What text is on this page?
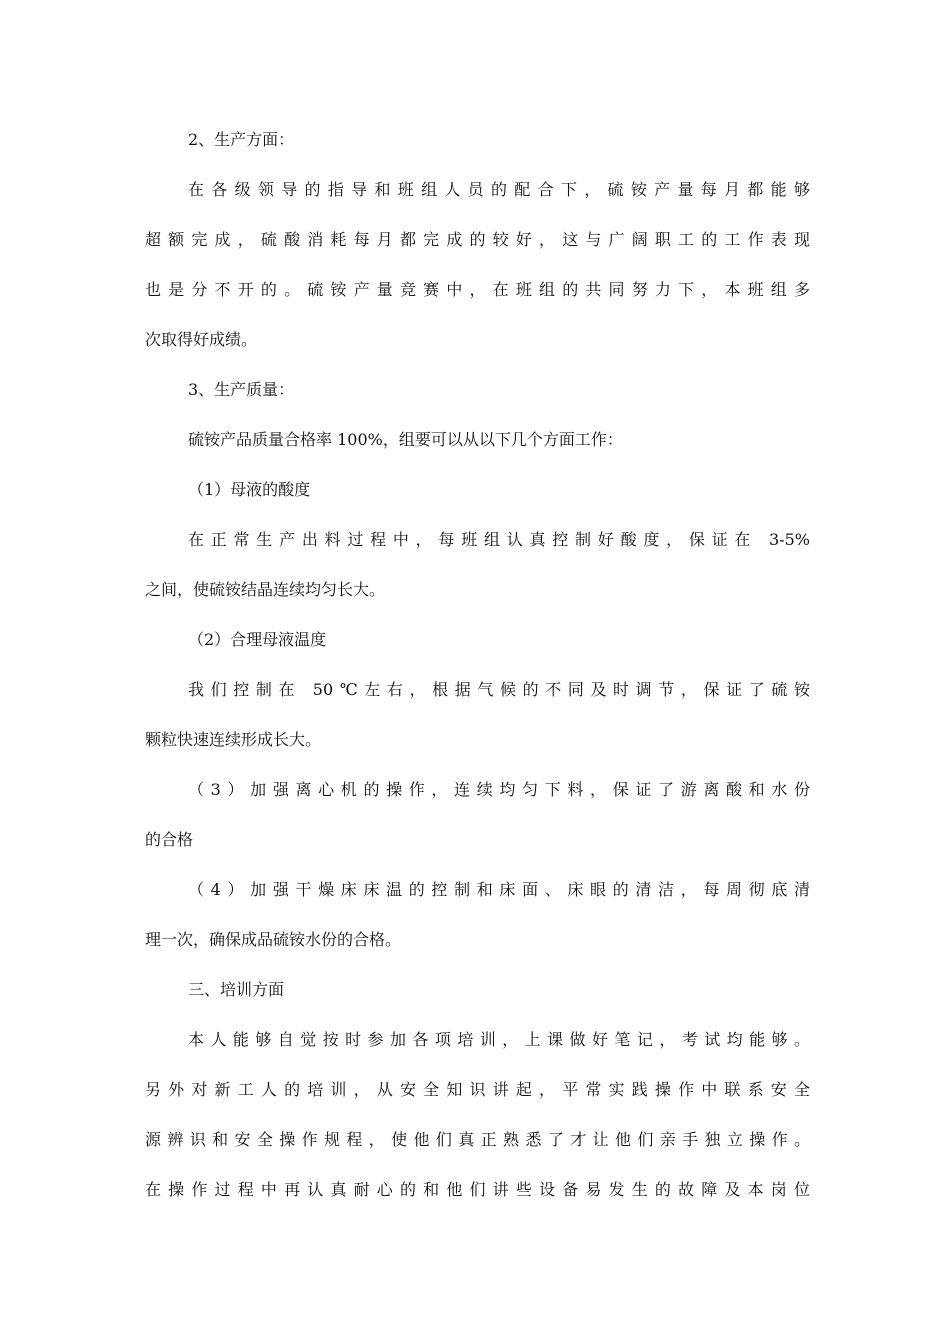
2、生产方面：
在各级领导的指导和班组人员的配合下，硫铵产量每月都能够
超额完成，硫酸消耗每月都完成的较好，这与广阔职工的工作表现
也是分不开的。硫铵产量竞赛中，在班组的共同努力下，本班组多
次取得好成绩。
3、生产质量：
硫铵产品质量合格率 100%，组要可以从以下几个方面工作：
（1）母液的酸度
在正常生产出料过程中，每班组认真控制好酸度，保证在 3-5%
之间，使硫铵结晶连续均匀长大。
（2）合理母液温度
我们控制在 50℃左右，根据气候的不同及时调节，保证了硫铵
颗粒快速连续形成长大。
（3）加强离心机的操作，连续均匀下料，保证了游离酸和水份
的合格
（4）加强干燥床床温的控制和床面、床眼的清洁，每周彻底清
理一次，确保成品硫铵水份的合格。
三、培训方面
本人能够自觉按时参加各项培训，上课做好笔记，考试均能够。
另外对新工人的培训，从安全知识讲起，平常实践操作中联系安全
源辨识和安全操作规程，使他们真正熟悉了才让他们亲手独立操作。
在操作过程中再认真耐心的和他们讲些设备易发生的故障及本岗位
